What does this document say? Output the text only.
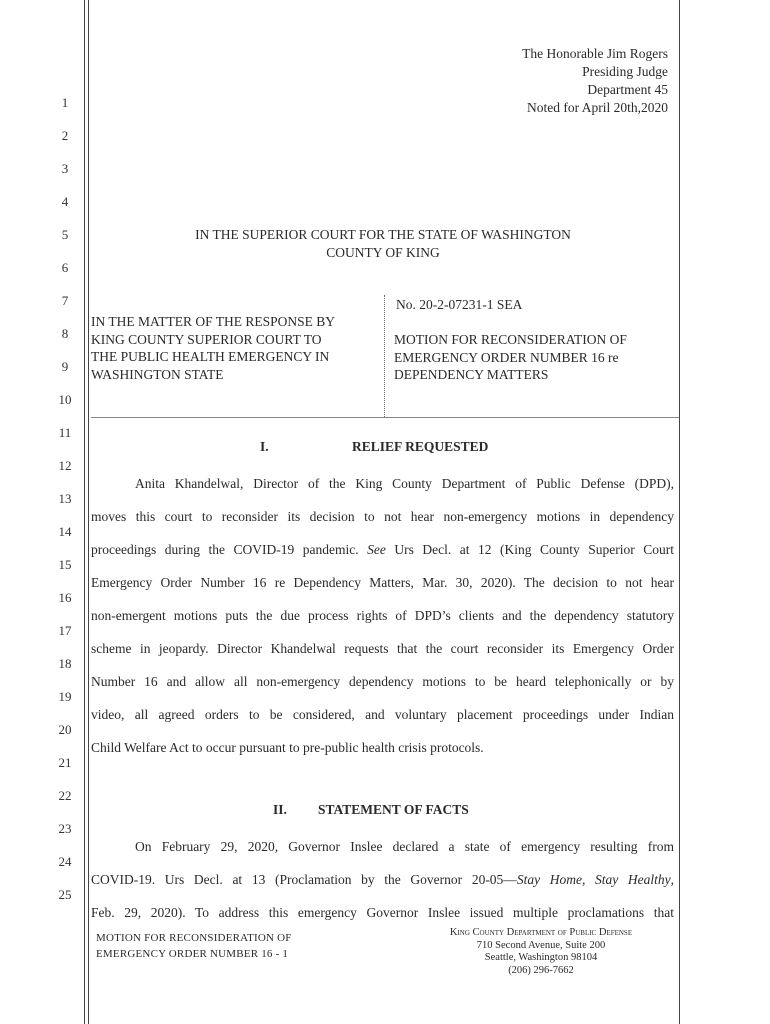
1
2
3
4
5
6
7
8
9
10
11
12
13
14
15
16
17
18
19
20
21
22
23
24
25
The Honorable Jim Rogers
Presiding Judge
Department 45
Noted for April 20th,2020
IN THE SUPERIOR COURT FOR THE STATE OF WASHINGTON
COUNTY OF KING
IN THE MATTER OF THE RESPONSE BY
KING COUNTY SUPERIOR COURT TO
THE PUBLIC HEALTH EMERGENCY IN
WASHINGTON STATE
No. 20-2-07231-1 SEA
MOTION FOR RECONSIDERATION OF
EMERGENCY ORDER NUMBER 16 re
DEPENDENCY MATTERS
I.	RELIEF REQUESTED
Anita Khandelwal, Director of the King County Department of Public Defense (DPD),
moves this court to reconsider its decision to not hear non-emergency motions in dependency
proceedings during the COVID-19 pandemic. See Urs Decl. at 12 (King County Superior Court
Emergency Order Number 16 re Dependency Matters, Mar. 30, 2020). The decision to not hear
non-emergent motions puts the due process rights of DPD’s clients and the dependency statutory
scheme in jeopardy. Director Khandelwal requests that the court reconsider its Emergency Order
Number 16 and allow all non-emergency dependency motions to be heard telephonically or by
video, all agreed orders to be considered, and voluntary placement proceedings under Indian
Child Welfare Act to occur pursuant to pre-public health crisis protocols.
II. STATEMENT OF FACTS
On February 29, 2020, Governor Inslee declared a state of emergency resulting from
COVID-19. Urs Decl. at 13 (Proclamation by the Governor 20-05—Stay Home, Stay Healthy,
Feb. 29, 2020). To address this emergency Governor Inslee issued multiple proclamations that
MOTION FOR RECONSIDERATION OF
EMERGENCY ORDER NUMBER 16 - 1
King County Department of Public Defense
710 Second Avenue, Suite 200
Seattle, Washington 98104
(206) 296-7662
